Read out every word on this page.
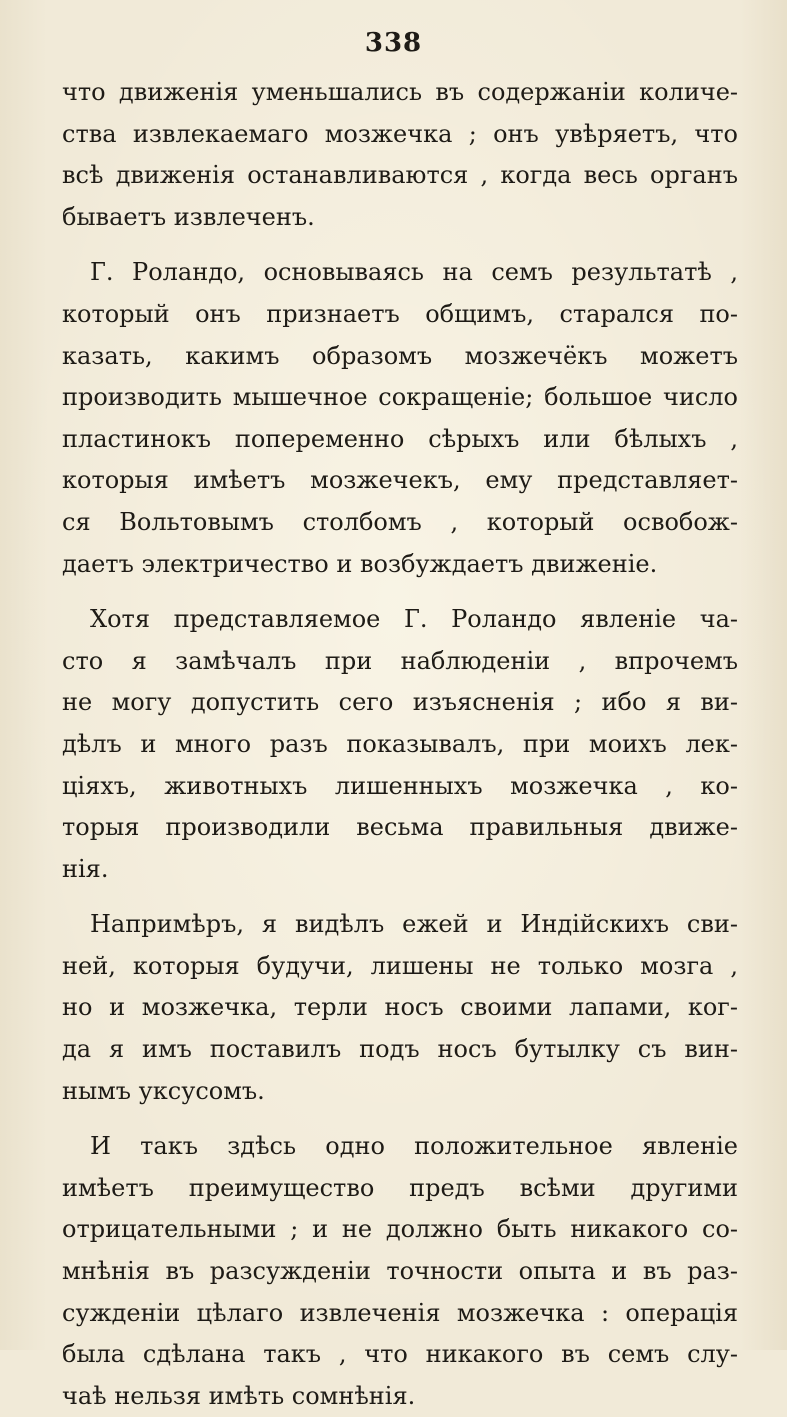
338
что движенія уменьшались въ содержаніи количе-
ства извлекаемаго мозжечка ; онъ увѣряетъ, что
всѣ движенія останавливаются , когда весь органъ
бываетъ извлеченъ.
Г. Роландо, основываясь на семъ результатѣ ,
который онъ признаетъ общимъ, старался по-
казать, какимъ образомъ мозжечёкъ можетъ
производить мышечное сокращеніе; большое число
пластинокъ попеременно сѣрыхъ или бѣлыхъ ,
которыя имѣетъ мозжечекъ, ему представляет-
ся Вольтовымъ столбомъ , который освобож-
даетъ электричество и возбуждаетъ движеніе.
Хотя представляемое Г. Роландо явленіе ча-
сто я замѣчалъ при наблюденіи , впрочемъ
не могу допустить сего изъясненія ; ибо я ви-
дѣлъ и много разъ показывалъ, при моихъ лек-
ціяхъ, животныхъ лишенныхъ мозжечка , ко-
торыя производили весьма правильныя движе-
нія.
Напримѣръ, я видѣлъ ежей и Индійскихъ сви-
ней, которыя будучи, лишены не только мозга ,
но и мозжечка, терли носъ своими лапами, ког-
да я имъ поставилъ подъ носъ бутылку съ вин-
нымъ уксусомъ.
И такъ здѣсь одно положительное явленіе
имѣетъ преимущество предъ всѣми другими
отрицательными ; и не должно быть никакого со-
мнѣнія въ разсужденіи точности опыта и въ раз-
сужденіи цѣлаго извлеченія мозжечка : операція
была сдѣлана такъ , что никакого въ семъ слу-
чаѣ нельзя имѣть сомнѣнія.
